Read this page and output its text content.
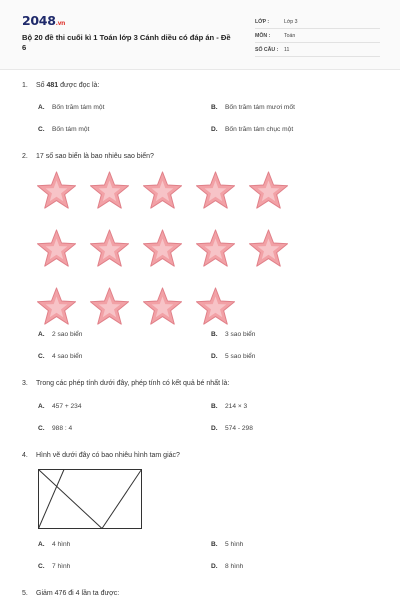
2048.vn
Bộ 20 đề thi cuối kì 1 Toán lớp 3 Cánh diều có đáp án - Đề 6
LỚP :	Lớp 3
MÔN :	Toán
SỐ CÂU :	11
1.	Số 481 được đọc là:
A. Bốn trăm tám một	B. Bốn trăm tám mươi mốt
C. Bốn tám một	D. Bốn trăm tám chục một
2.	17 số sao biển là bao nhiêu sao biển?
A. 2 sao biển	B. 3 sao biển
C. 4 sao biển	D. 5 sao biển
3.	Trong các phép tính dưới đây, phép tính có kết quả bé nhất là:
A. 457 + 234	B. 214 × 3
C. 988 : 4	D. 574 - 298
4.	Hình vẽ dưới đây có bao nhiêu hình tam giác?
A. 4 hình	B. 5 hình
C. 7 hình	D. 8 hình
5.	Giảm 476 đi 4 lần ta được:
